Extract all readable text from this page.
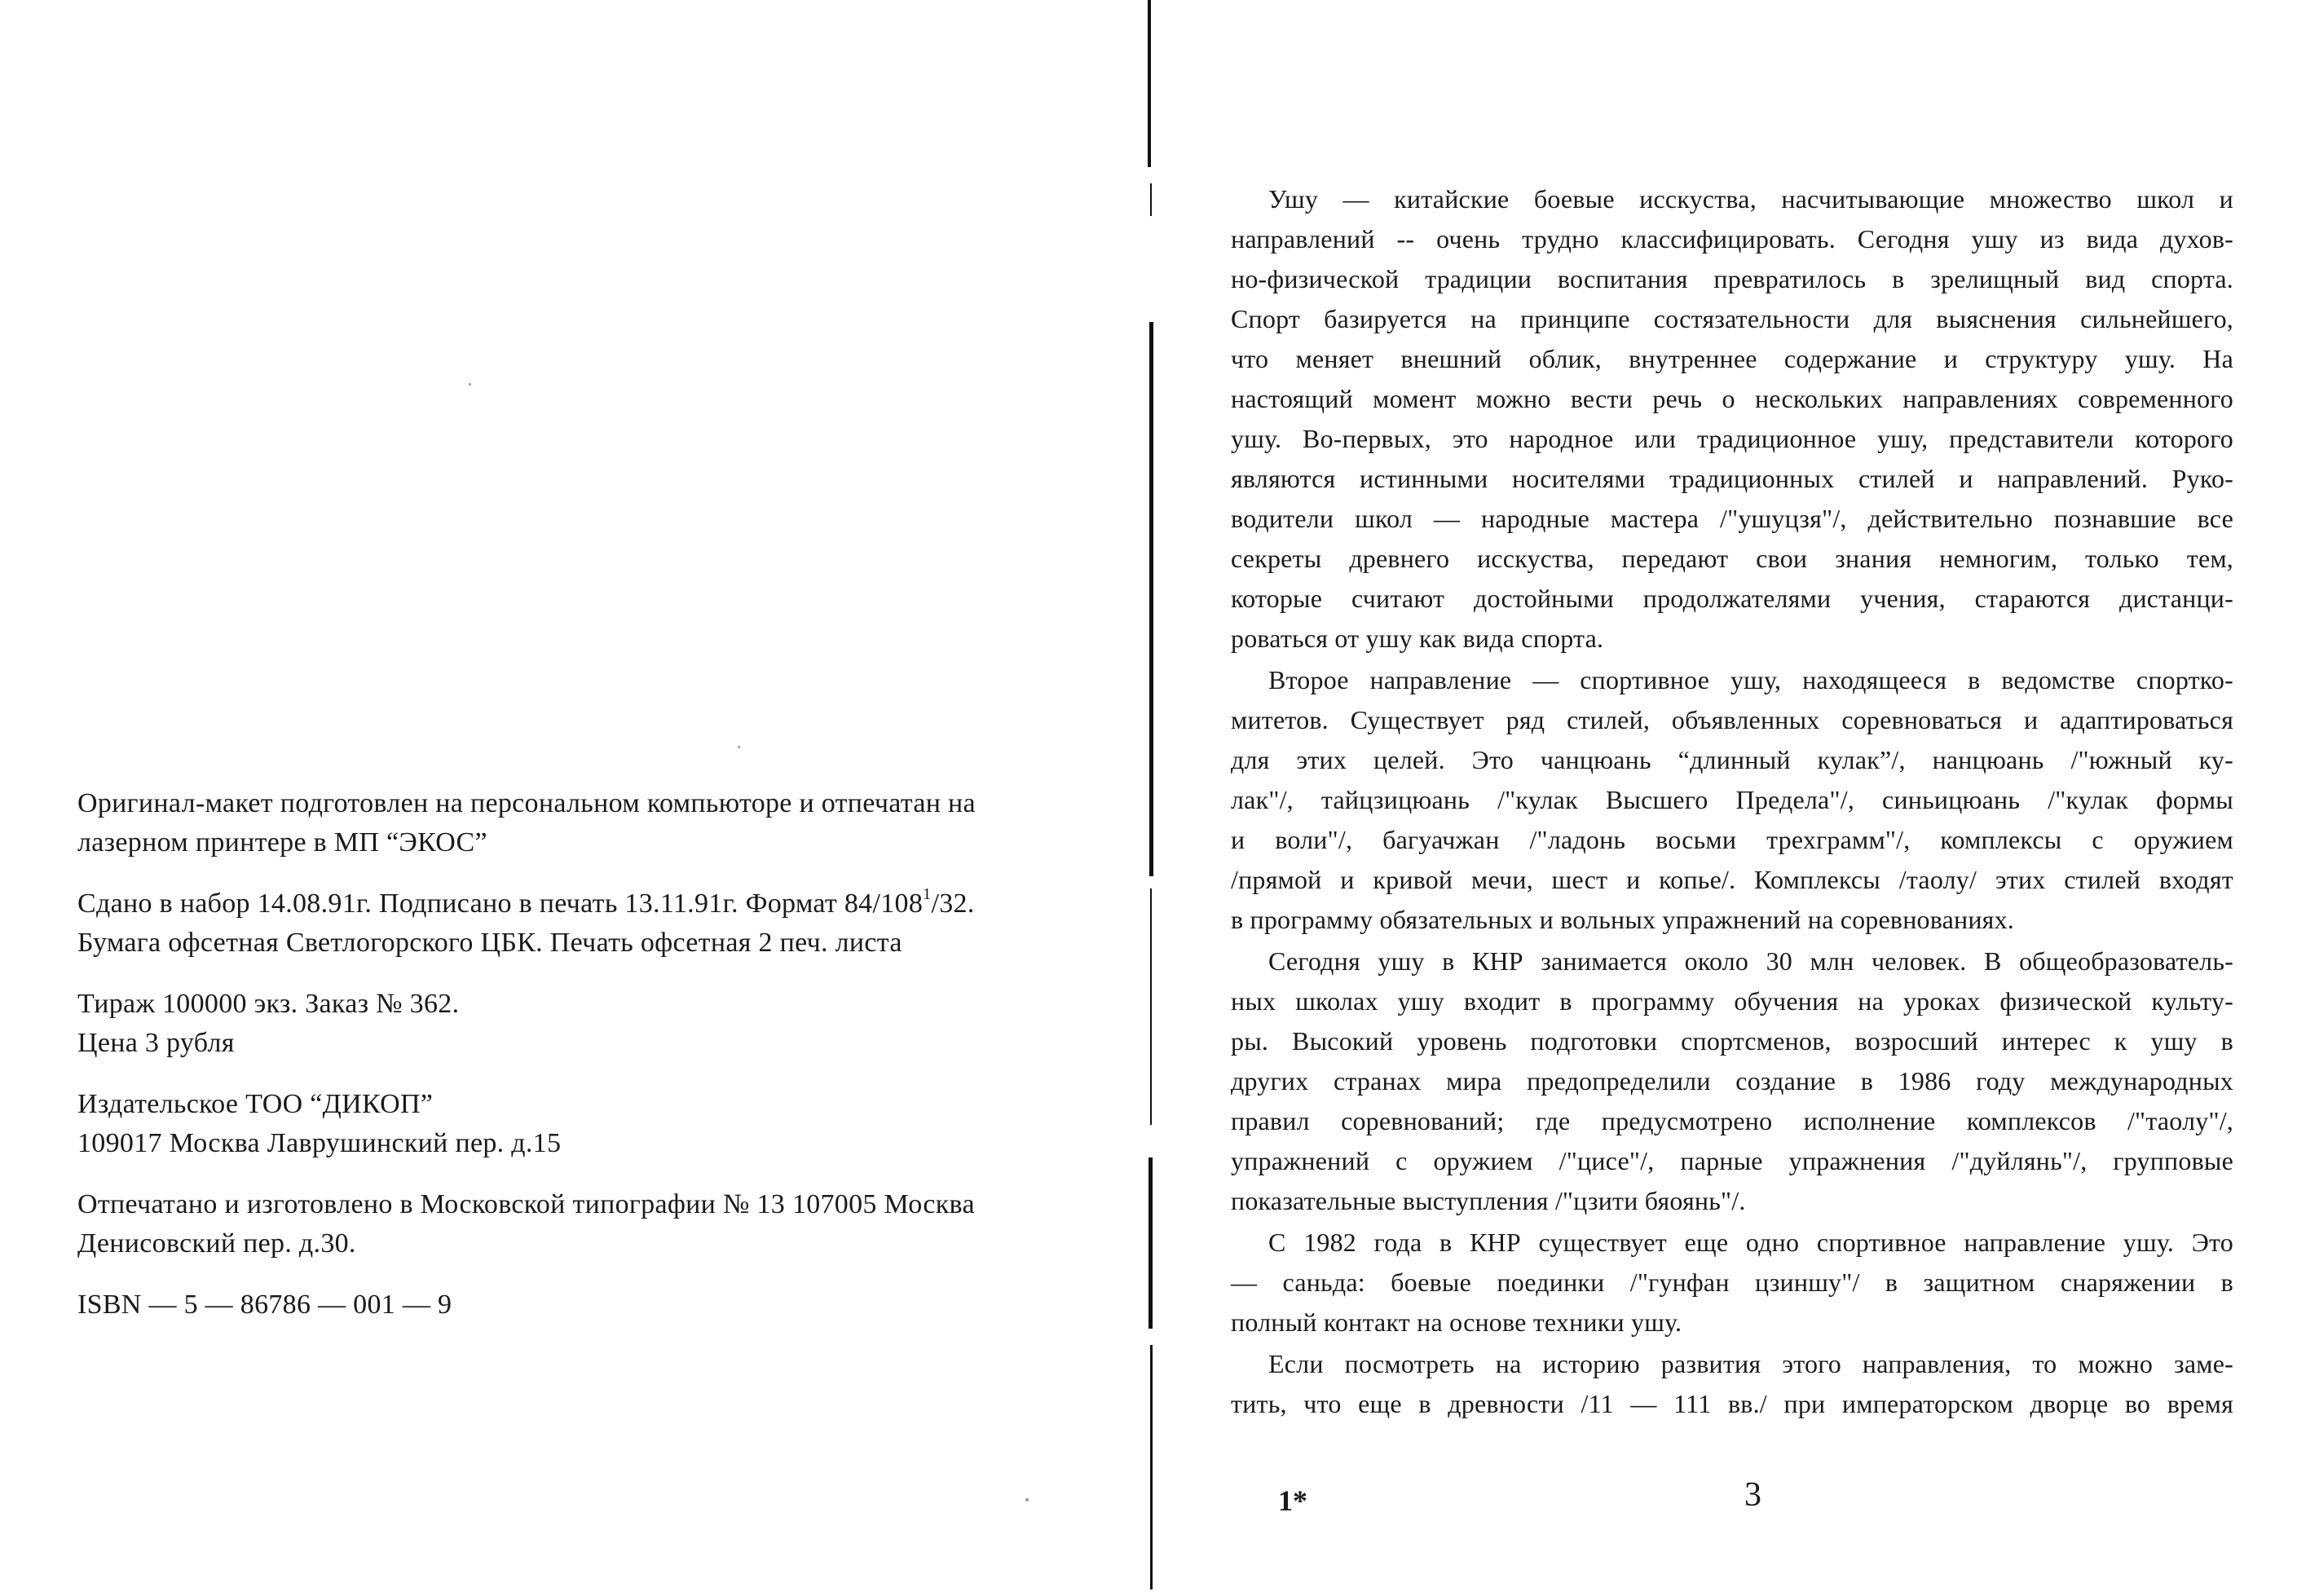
Оригинал-макет подготовлен на персональном компьюторе и отпечатан на
лазерном принтере в МП “ЭКОС”
Сдано в набор 14.08.91г. Подписано в печать 13.11.91г. Формат $84/108^1/32$.
Бумага офсетная Светлогорского ЦБК. Печать офсетная 2 печ. листа
Тираж 100000 экз. Заказ № 362.
Цена 3 рубля
Издательское ТОО “ДИКОП”
109017 Москва Лаврушинский пер. д.15
Отпечатано и изготовлено в Московской типографии № 13 107005 Москва
Денисовский пер. д.30.
ISBN — 5 — 86786 — 001 — 9
Ушу — китайские боевые исскуства, насчитывающие множество школ и
направлений -- очень трудно классифицировать. Сегодня ушу из вида духов-
но-физической традиции воспитания превратилось в зрелищный вид спорта.
Спорт базируется на принципе состязательности для выяснения сильнейшего,
что меняет внешний облик, внутреннее содержание и структуру ушу. На
настоящий момент можно вести речь о нескольких направлениях современного
ушу. Во-первых, это народное или традиционное ушу, представители которого
являются истинными носителями традиционных стилей и направлений. Руко-
водители школ — народные мастера /"ушуцзя"/, действительно познавшие все
секреты древнего исскуства, передают свои знания немногим, только тем,
которые считают достойными продолжателями учения, стараются дистанци-
роваться от ушу как вида спорта.
Второе направление — спортивное ушу, находящееся в ведомстве спортко-
митетов. Существует ряд стилей, объявленных соревноваться и адаптироваться
для этих целей. Это чанцюань “длинный кулак”/, нанцюань /"южный ку-
лак"/, тайцзицюань /"кулак Высшего Предела"/, синьицюань /"кулак формы
и воли"/, багуачжан /"ладонь восьми трехграмм"/, комплексы с оружием
/прямой и кривой мечи, шест и копье/. Комплексы /таолу/ этих стилей входят
в программу обязательных и вольных упражнений на соревнованиях.
Сегодня ушу в КНР занимается около 30 млн человек. В общеобразователь-
ных школах ушу входит в программу обучения на уроках физической культу-
ры. Высокий уровень подготовки спортсменов, возросший интерес к ушу в
других странах мира предопределили создание в 1986 году международных
правил соревнований; где предусмотрено исполнение комплексов /"таолу"/,
упражнений с оружием /"цисе"/, парные упражнения /"дуйлянь"/, групповые
показательные выступления /"цзити бяоянь"/.
С 1982 года в КНР существует еще одно спортивное направление ушу. Это
— саньда: боевые поединки /"гунфан цзиншу"/ в защитном снаряжении в
полный контакт на основе техники ушу.
Если посмотреть на историю развития этого направления, то можно заме-
тить, что еще в древности /11 — 111 вв./ при императорском дворце во время
1*	3
